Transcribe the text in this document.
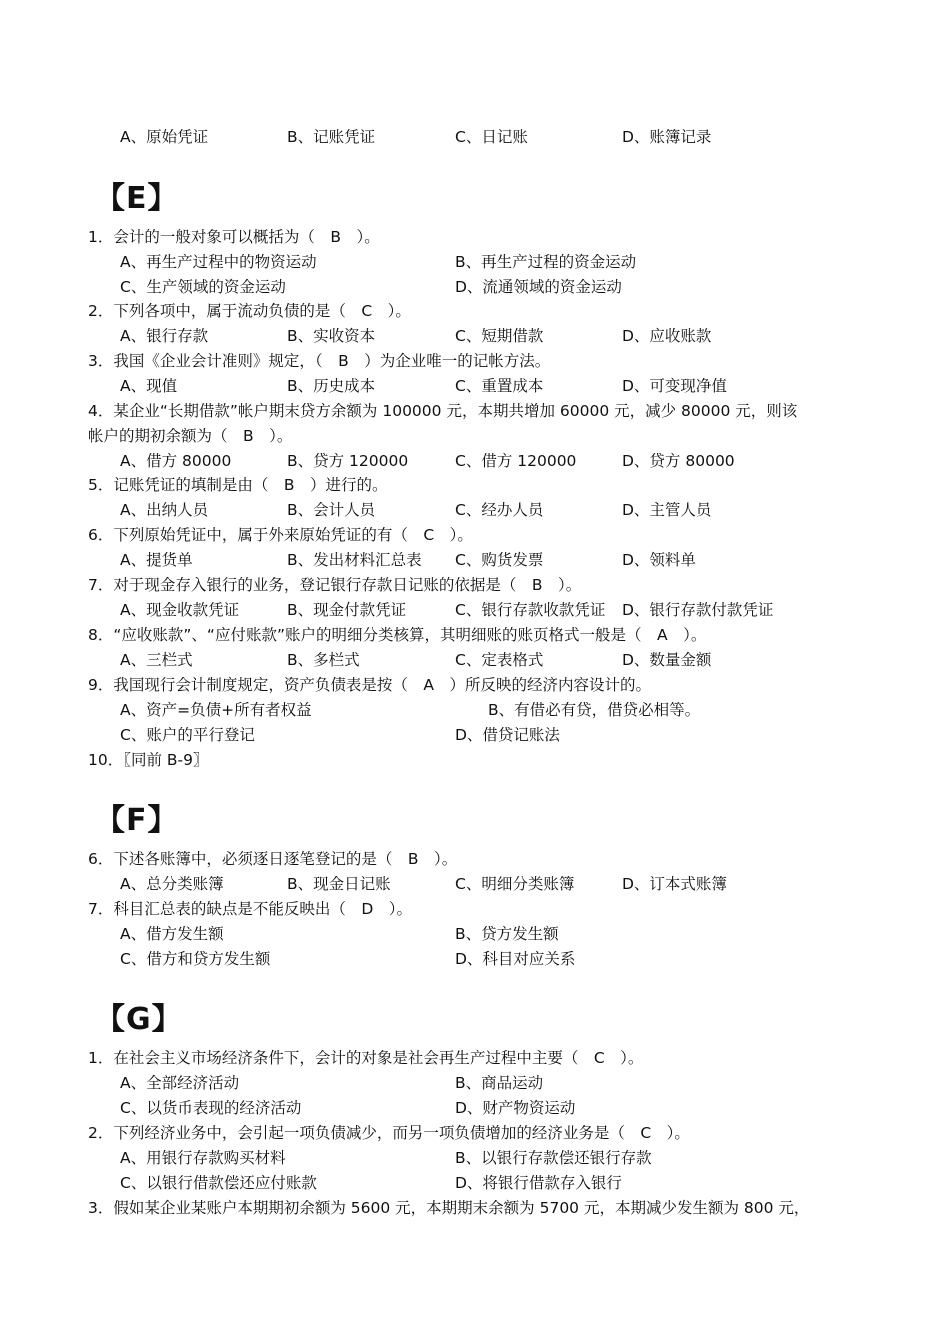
A、原始凭证	B、记账凭证	C、日记账	D、账簿记录
【E】
1．会计的一般对象可以概括为（　B　）。
A、再生产过程中的物资运动	B、再生产过程的资金运动
C、生产领域的资金运动	D、流通领域的资金运动
2．下列各项中，属于流动负债的是（　C　）。
A、银行存款	B、实收资本	C、短期借款	D、应收账款
3．我国《企业会计准则》规定，（　B　）为企业唯一的记帐方法。
A、现值	B、历史成本	C、重置成本	D、可变现净值
4．某企业“长期借款”帐户期末贷方余额为 100000 元，本期共增加 60000 元，减少 80000 元，则该
帐户的期初余额为（　B　）。
A、借方 80000	B、贷方 120000	C、借方 120000	D、贷方 80000
5．记账凭证的填制是由（　B　）进行的。
A、出纳人员	B、会计人员	C、经办人员	D、主管人员
6．下列原始凭证中，属于外来原始凭证的有（　C　）。
A、提货单	B、发出材料汇总表 C、购货发票	D、领料单
7．对于现金存入银行的业务，登记银行存款日记账的依据是（　B　）。
A、现金收款凭证	B、现金付款凭证	C、银行存款收款凭证 D、银行存款付款凭证
8．“应收账款”、“应付账款”账户的明细分类核算，其明细账的账页格式一般是（　A　）。
A、三栏式	B、多栏式	C、定表格式	D、数量金额
9．我国现行会计制度规定，资产负债表是按（　A　）所反映的经济内容设计的。
A、资产=负债+所有者权益	B、有借必有贷，借贷必相等。
C、账户的平行登记	D、借贷记账法
10．〖同前 B-9〗
【F】
6．下述各账簿中，必须逐日逐笔登记的是（　B　）。
A、总分类账簿	B、现金日记账	C、明细分类账簿	D、订本式账簿
7．科目汇总表的缺点是不能反映出（　D　）。
A、借方发生额	B、贷方发生额
C、借方和贷方发生额	D、科目对应关系
【G】
1．在社会主义市场经济条件下，会计的对象是社会再生产过程中主要（　C　）。
A、全部经济活动	B、商品运动
C、以货币表现的经济活动	D、财产物资运动
2．下列经济业务中，会引起一项负债减少，而另一项负债增加的经济业务是（　C　）。
A、用银行存款购买材料	B、以银行存款偿还银行存款
C、以银行借款偿还应付账款	D、将银行借款存入银行
3．假如某企业某账户本期期初余额为 5600 元，本期期末余额为 5700 元，本期减少发生额为 800 元，
